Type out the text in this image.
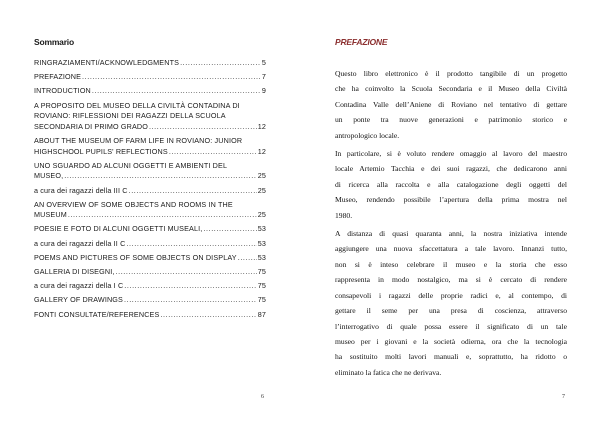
Sommario
RINGRAZIAMENTI/ACKNOWLEDGMENTS .....	5
PREFAZIONE .....	7
INTRODUCTION .....	9
A PROPOSITO DEL MUSEO DELLA CIVILTÀ CONTADINA DI
ROVIANO: RIFLESSIONI DEI RAGAZZI DELLA SCUOLA
SECONDARIA DI PRIMO GRADO .....	12
ABOUT THE MUSEUM OF FARM LIFE IN ROVIANO: JUNIOR
HIGHSCHOOL PUPILS' REFLECTIONS .....	12
UNO SGUARDO AD ALCUNI OGGETTI E AMBIENTI DEL
MUSEO, .....	25
a cura dei ragazzi della III C .....	25
AN OVERVIEW OF SOME OBJECTS AND ROOMS IN THE
MUSEUM .....	25
POESIE E FOTO DI ALCUNI OGGETTI MUSEALI, .....	53
a cura dei ragazzi della II C .....	53
POEMS AND PICTURES OF SOME OBJECTS ON DISPLAY .....	53
GALLERIA DI DISEGNI, .....	75
a cura dei ragazzi della I C .....	75
GALLERY OF DRAWINGS .....	75
FONTI CONSULTATE/REFERENCES .....	87
6
PREFAZIONE

Questo libro elettronico è il prodotto tangibile di un progetto
che ha coinvolto la Scuola Secondaria e il Museo della Civiltà
Contadina Valle dell’Aniene di Roviano nel tentativo di gettare
un ponte tra nuove generazioni e patrimonio storico e
antropologico locale.

In particolare, si è voluto rendere omaggio al lavoro del maestro
locale Artemio Tacchia e dei suoi ragazzi, che dedicarono anni
di ricerca alla raccolta e alla catalogazione degli oggetti del
Museo, rendendo possibile l’apertura della prima mostra nel
1980.

A distanza di quasi quaranta anni, la nostra iniziativa intende
aggiungere una nuova sfaccettatura a tale lavoro. Innanzi tutto,
non si è inteso celebrare il museo e la storia che esso
rappresenta in modo nostalgico, ma si è cercato di rendere
consapevoli i ragazzi delle proprie radici e, al contempo, di
gettare il seme per una presa di coscienza, attraverso
l’interrogativo di quale possa essere il significato di un tale
museo per i giovani e la società odierna, ora che la tecnologia
ha sostituito molti lavori manuali e, soprattutto, ha ridotto o
eliminato la fatica che ne derivava.

7
